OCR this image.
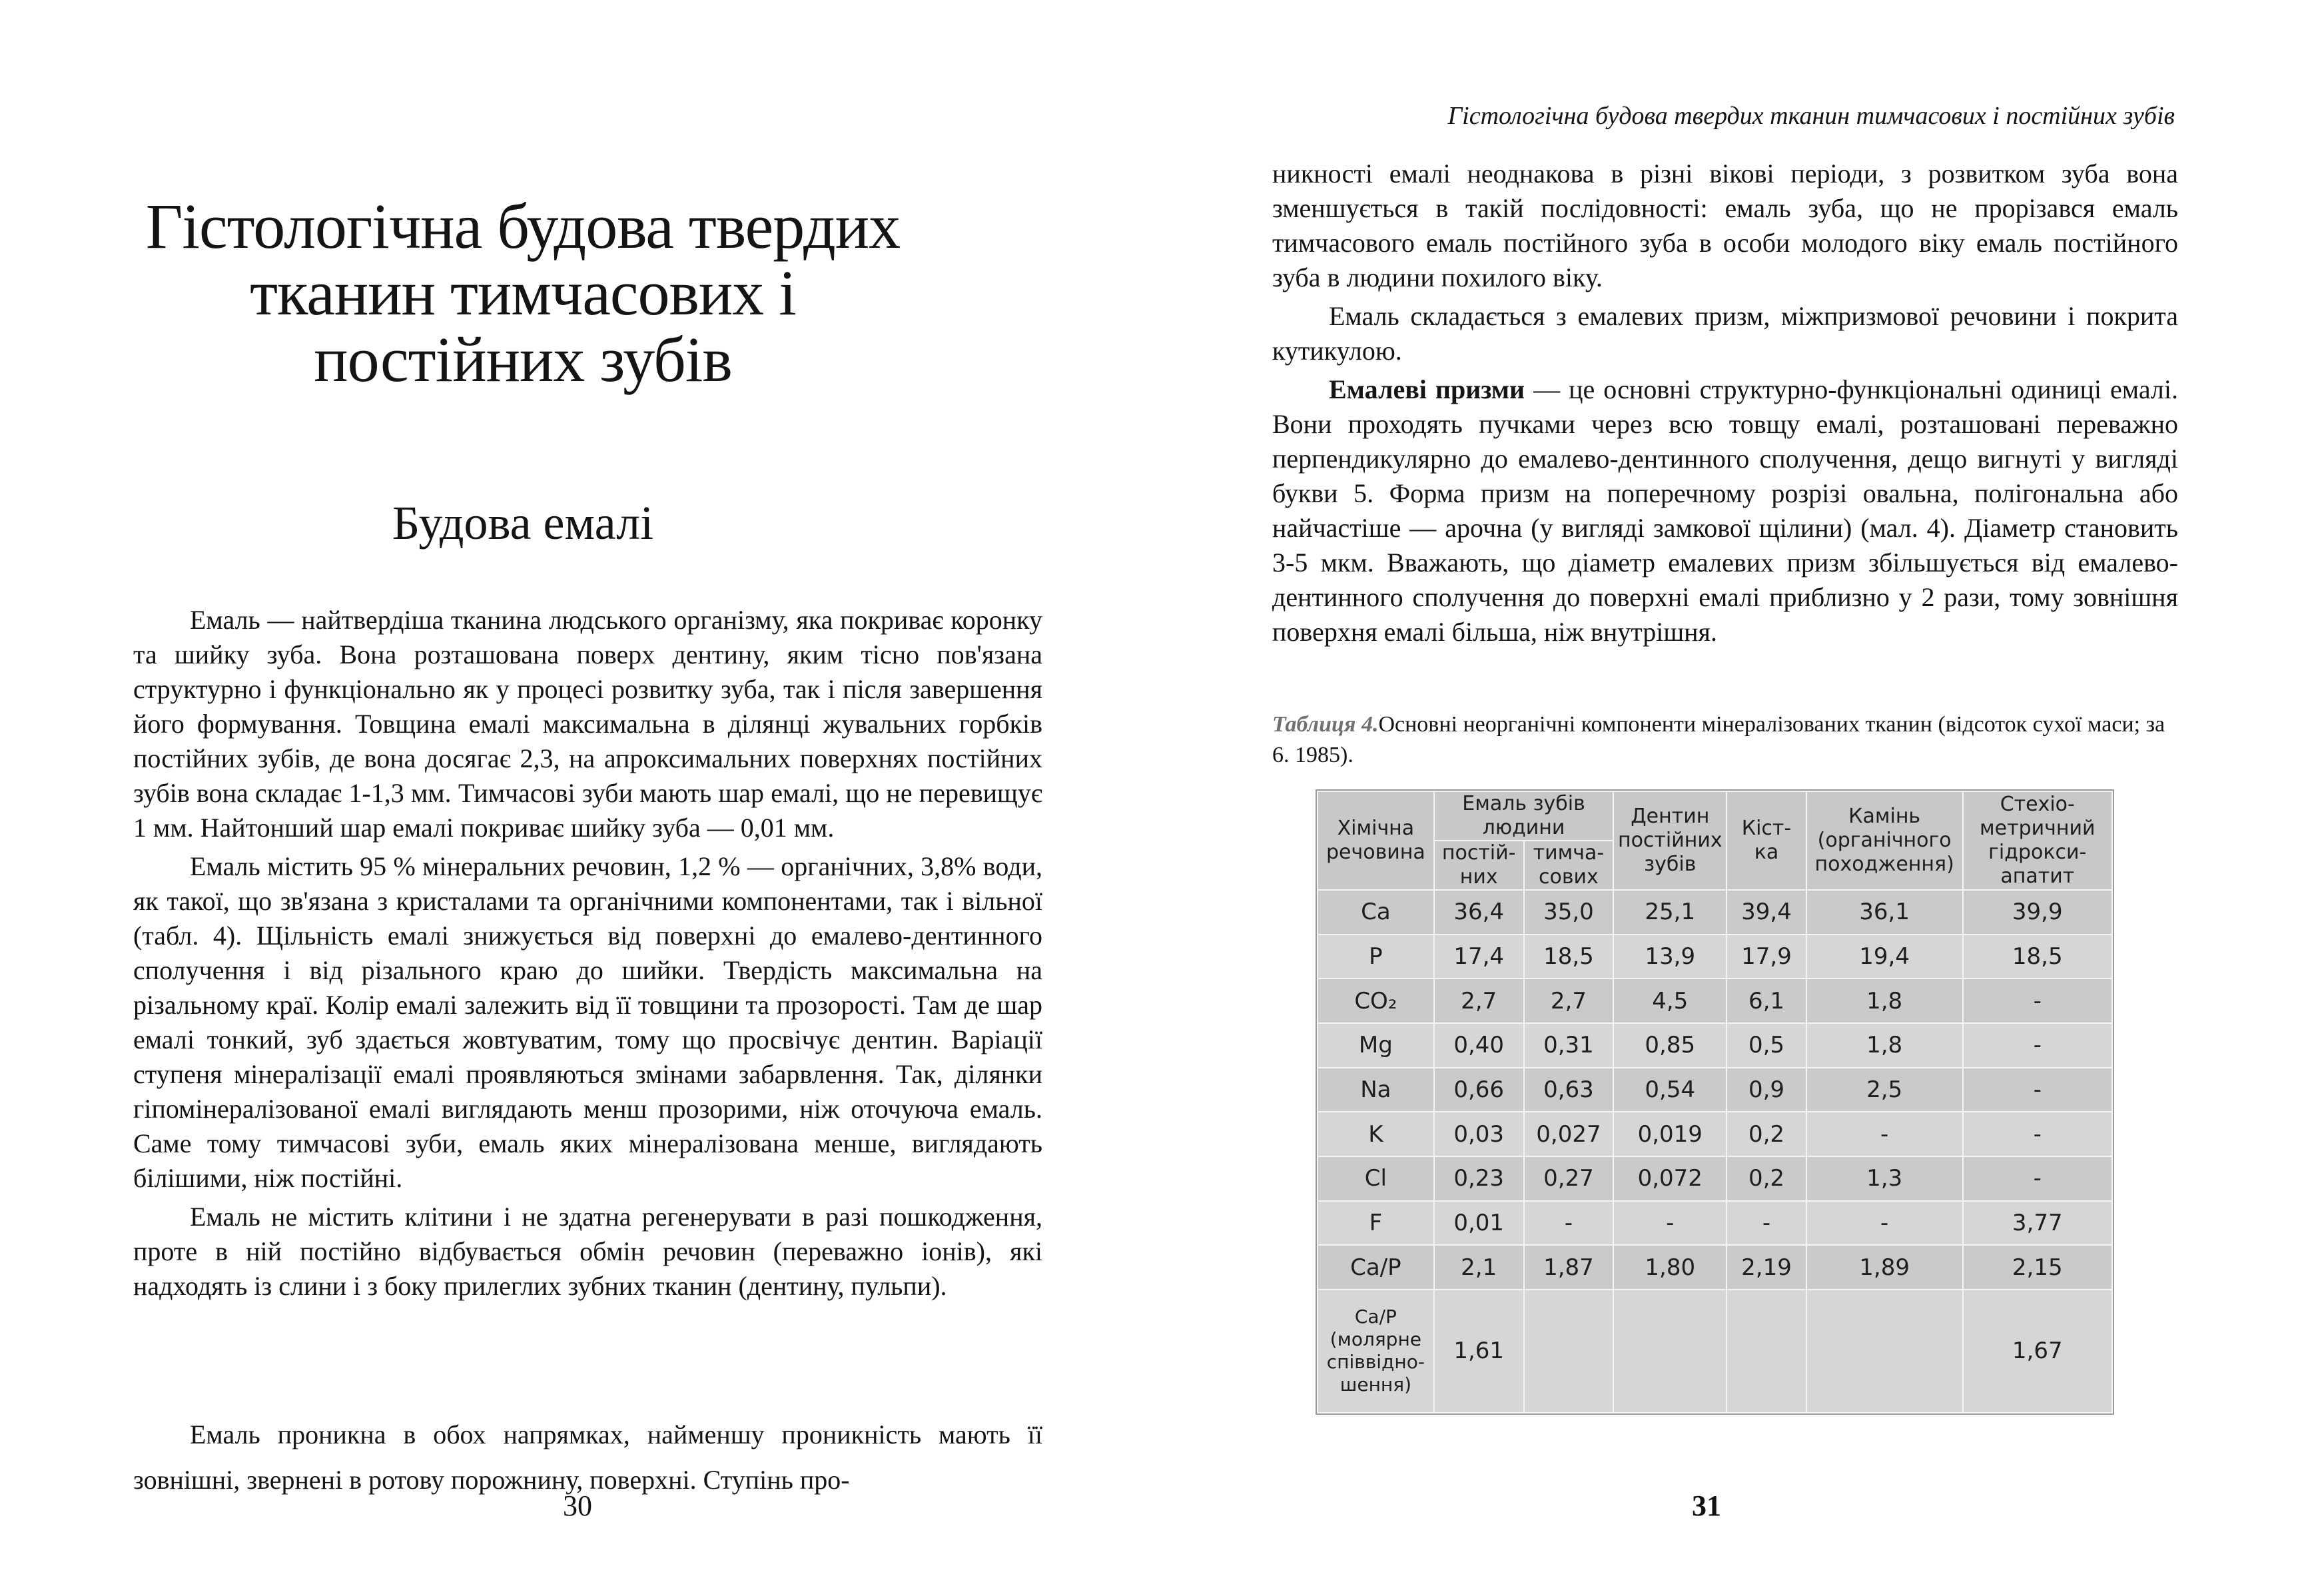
Гістологічна будова твердих
тканин тимчасових і
постійних зубів
Будова емалі

Емаль — найтвердіша тканина людського організму, яка покриває коронку та шийку зуба. Вона розташована поверх дентину, яким тісно пов'язана структурно і функціонально як у процесі розвитку зуба, так і після завершення його формування. Товщина емалі максимальна в ділянці жувальних горбків постійних зубів, де вона досягає 2,3, на апроксимальних поверхнях постійних зубів вона складає 1-1,3 мм. Тимчасові зуби мають шар емалі, що не перевищує 1 мм. Найтонший шар емалі покриває шийку зуба — 0,01 мм.

Емаль містить 95 % мінеральних речовин, 1,2 % — органічних, 3,8% води, як такої, що зв'язана з кристалами та органічними компонентами, так і вільної (табл. 4). Щільність емалі знижується від поверхні до емалево-дентинного сполучення і від різального краю до шийки. Твердість максимальна на різальному краї. Колір емалі залежить від її товщини та прозорості. Там де шар емалі тонкий, зуб здається жовтуватим, тому що просвічує дентин. Варіації ступеня мінералізації емалі проявляються змінами забарвлення. Так, ділянки гіпомінералізованої емалі виглядають менш прозорими, ніж оточуюча емаль. Саме тому тимчасові зуби, емаль яких мінералізована менше, виглядають білішими, ніж постійні.

Емаль не містить клітини і не здатна регенерувати в разі пошкодження, проте в ній постійно відбувається обмін речовин (переважно іонів), які надходять із слини і з боку прилеглих зубних тканин (дентину, пульпи).

Емаль проникна в обох напрямках, найменшу проникність мають її зовнішні, звернені в ротову порожнину, поверхні. Ступінь про-

30

Гістологічна будова твердих тканин тимчасових і постійних зубів

никності емалі неоднакова в різні вікові періоди, з розвитком зуба вона зменшується в такій послідовності: емаль зуба, що не прорізався емаль тимчасового емаль постійного зуба в особи молодого віку емаль постійного зуба в людини похилого віку.

Емаль складається з емалевих призм, міжпризмової речовини і покрита кутикулою.

Емалеві призми — це основні структурно-функціональні одиниці емалі. Вони проходять пучками через всю товщу емалі, розташовані переважно перпендикулярно до емалево-дентинного сполучення, дещо вигнуті у вигляді букви 5. Форма призм на поперечному розрізі овальна, полігональна або найчастіше — арочна (у вигляді замкової щілини) (мал. 4). Діаметр становить 3-5 мкм. Вважають, що діаметр емалевих призм збільшується від емалево-дентинного сполучення до поверхні емалі приблизно у 2 рази, тому зовнішня поверхня емалі більша, ніж внутрішня.

Таблиця 4.Основні неорганічні компоненти мінералізованих тканин (відсоток сухої маси; за 6. 1985).

31

Хімічна речовина	Емаль зубів людини		Дентин постійних зубів	Кіст-ка	Камінь (органічного походження)	Стехіо-метричний гідрокси-апатит
	постій-них	тимча-сових				
Ca	36,4	35,0	25,1	39,4	36,1	39,9
P	17,4	18,5	13,9	17,9	19,4	18,5
CO₂	2,7	2,7	4,5	6,1	1,8	-
Mg	0,40	0,31	0,85	0,5	1,8	-
Na	0,66	0,63	0,54	0,9	2,5	-
K	0,03	0,027	0,019	0,2	-	-
Cl	0,23	0,27	0,072	0,2	1,3	-
F	0,01	-	-	-	-	3,77
Ca/P	2,1	1,87	1,80	2,19	1,89	2,15
Ca/P (молярне співвідно-шення)	1,61					1,67
